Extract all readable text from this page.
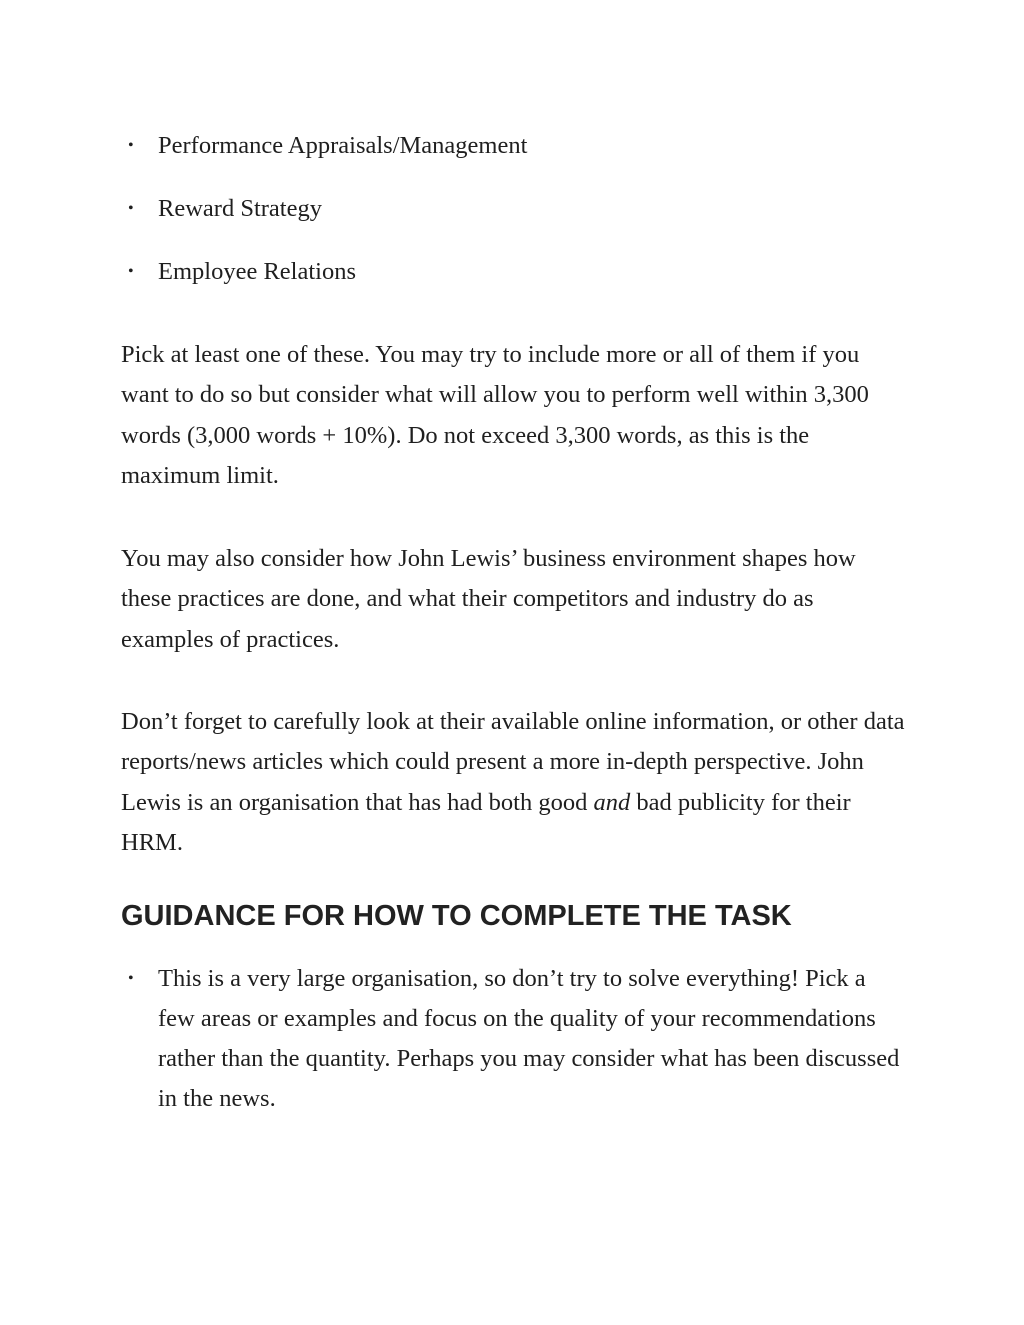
• Performance Appraisals/Management
• Reward Strategy
• Employee Relations

Pick at least one of these. You may try to include more or all of them if you want to do so but consider what will allow you to perform well within 3,300 words (3,000 words + 10%). Do not exceed 3,300 words, as this is the maximum limit.

You may also consider how John Lewis’ business environment shapes how these practices are done, and what their competitors and industry do as examples of practices.

Don’t forget to carefully look at their available online information, or other data reports/news articles which could present a more in-depth perspective. John Lewis is an organisation that has had both good and bad publicity for their HRM.

GUIDANCE FOR HOW TO COMPLETE THE TASK
• This is a very large organisation, so don’t try to solve everything! Pick a few areas or examples and focus on the quality of your recommendations rather than the quantity. Perhaps you may consider what has been discussed in the news.
